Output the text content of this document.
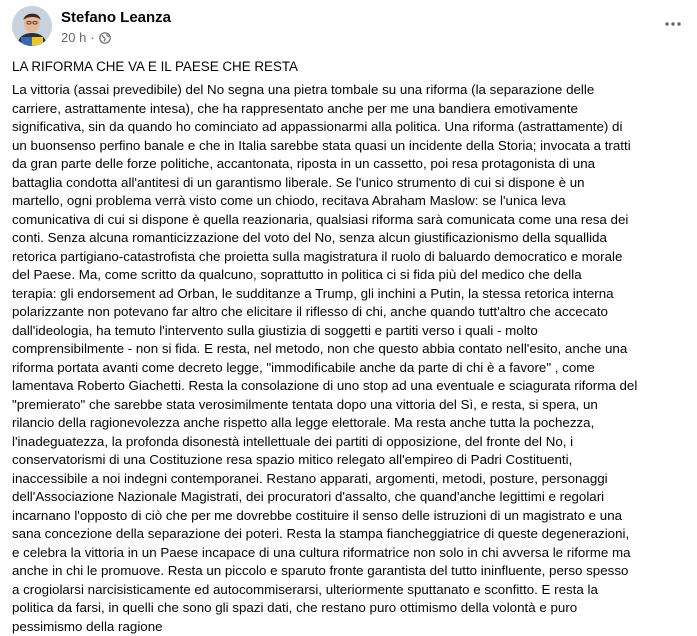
Stefano Leanza
20 h ·
LA RIFORMA CHE VA E IL PAESE CHE RESTA
La vittoria (assai prevedibile) del No segna una pietra tombale su una riforma (la separazione delle
carriere, astrattamente intesa), che ha rappresentato anche per me una bandiera emotivamente
significativa, sin da quando ho cominciato ad appassionarmi alla politica. Una riforma (astrattamente) di
un buonsenso perfino banale e che in Italia sarebbe stata quasi un incidente della Storia; invocata a tratti
da gran parte delle forze politiche, accantonata, riposta in un cassetto, poi resa protagonista di una
battaglia condotta all'antitesi di un garantismo liberale. Se l'unico strumento di cui si dispone è un
martello, ogni problema verrà visto come un chiodo, recitava Abraham Maslow: se l'unica leva
comunicativa di cui si dispone è quella reazionaria, qualsiasi riforma sarà comunicata come una resa dei
conti. Senza alcuna romanticizzazione del voto del No, senza alcun giustificazionismo della squallida
retorica partigiano-catastrofista che proietta sulla magistratura il ruolo di baluardo democratico e morale
del Paese. Ma, come scritto da qualcuno, soprattutto in politica ci si fida più del medico che della
terapia: gli endorsement ad Orban, le sudditanze a Trump, gli inchini a Putin, la stessa retorica interna
polarizzante non potevano far altro che elicitare il riflesso di chi, anche quando tutt'altro che accecato
dall'ideologia, ha temuto l'intervento sulla giustizia di soggetti e partiti verso i quali - molto
comprensibilmente - non si fida. E resta, nel metodo, non che questo abbia contato nell'esito, anche una
riforma portata avanti come decreto legge, "immodificabile anche da parte di chi è a favore" , come
lamentava Roberto Giachetti. Resta la consolazione di uno stop ad una eventuale e sciagurata riforma del
"premierato" che sarebbe stata verosimilmente tentata dopo una vittoria del Sì, e resta, si spera, un
rilancio della ragionevolezza anche rispetto alla legge elettorale. Ma resta anche tutta la pochezza,
l'inadeguatezza, la profonda disonestà intellettuale dei partiti di opposizione, del fronte del No, i
conservatorismi di una Costituzione resa spazio mitico relegato all'empireo di Padri Costituenti,
inaccessibile a noi indegni contemporanei. Restano apparati, argomenti, metodi, posture, personaggi
dell'Associazione Nazionale Magistrati, dei procuratori d'assalto, che quand'anche legittimi e regolari
incarnano l'opposto di ciò che per me dovrebbe costituire il senso delle istruzioni di un magistrato e una
sana concezione della separazione dei poteri. Resta la stampa fiancheggiatrice di queste degenerazioni,
e celebra la vittoria in un Paese incapace di una cultura riformatrice non solo in chi avversa le riforme ma
anche in chi le promuove. Resta un piccolo e sparuto fronte garantista del tutto ininfluente, perso spesso
a crogiolarsi narcisisticamente ed autocommiserarsi, ulteriormente sputtanato e sconfitto. E resta la
politica da farsi, in quelli che sono gli spazi dati, che restano puro ottimismo della volontà e puro
pessimismo della ragione
